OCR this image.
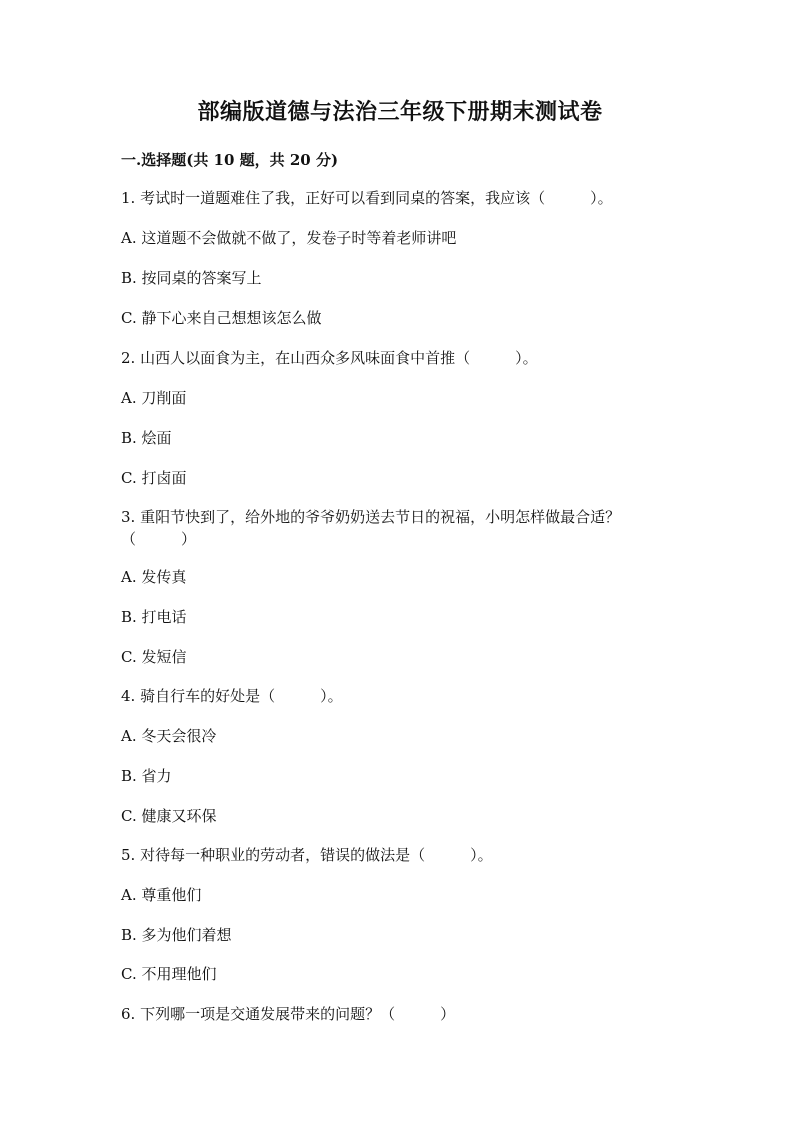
部编版道德与法治三年级下册期末测试卷
一.选择题(共 10 题，共 20 分)
1. 考试时一道题难住了我，正好可以看到同桌的答案，我应该（　　　）。
A. 这道题不会做就不做了，发卷子时等着老师讲吧
B. 按同桌的答案写上
C. 静下心来自己想想该怎么做
2. 山西人以面食为主，在山西众多风味面食中首推（　　　）。
A. 刀削面
B. 烩面
C. 打卤面
3. 重阳节快到了，给外地的爷爷奶奶送去节日的祝福，小明怎样做最合适？（　　　）
A. 发传真
B. 打电话
C. 发短信
4. 骑自行车的好处是（　　　）。
A. 冬天会很冷
B. 省力
C. 健康又环保
5. 对待每一种职业的劳动者，错误的做法是（　　　）。
A. 尊重他们
B. 多为他们着想
C. 不用理他们
6. 下列哪一项是交通发展带来的问题？（　　　）
